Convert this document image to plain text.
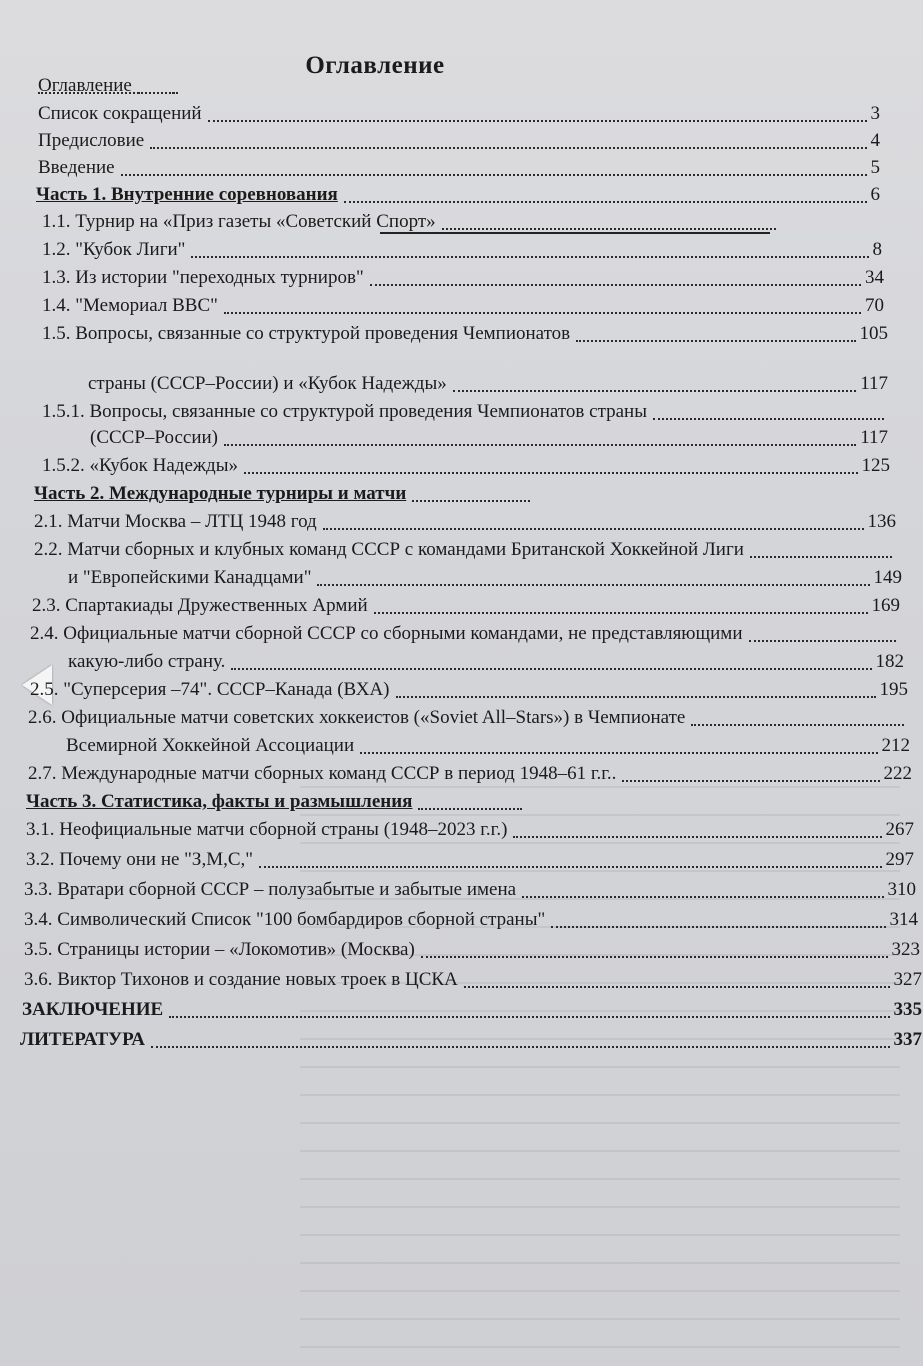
Оглавление
Оглавление
Список сокращений	3
Предисловие	4
Введение	5
Часть 1. Внутренние соревнования	6
1.1. Турнир на «Приз газеты «Советский Спорт»
1.2. "Кубок Лиги"	8
1.3. Из истории "переходных турниров"	34
1.4. "Мемориал ВВС"	70
1.5. Вопросы, связанные со структурой проведения Чемпионатов	105
страны (СССР–России) и «Кубок Надежды»	117
1.5.1. Вопросы, связанные со структурой проведения Чемпионатов страны
(СССР–России)	117
1.5.2. «Кубок Надежды»	125
Часть 2. Международные турниры и матчи
2.1. Матчи Москва – ЛТЦ 1948 год	136
2.2. Матчи сборных и клубных команд СССР с командами Британской Хоккейной Лиги
и "Европейскими Канадцами"	149
2.3. Спартакиады Дружественных Армий	169
2.4. Официальные матчи сборной СССР со сборными командами, не представляющими
какую-либо страну.	182
2.5. "Суперсерия –74". СССР–Канада (ВХА)	195
2.6. Официальные матчи советских хоккеистов («Soviet All–Stars») в Чемпионате
Всемирной Хоккейной Ассоциации	212
2.7. Международные матчи сборных команд СССР в период 1948–61 г.г..	222
Часть 3. Статистика, факты и размышления
3.1. Неофициальные матчи сборной страны (1948–2023 г.г.)	267
3.2. Почему они не "З,М,С,"	297
3.3. Вратари сборной СССР – полузабытые и забытые имена	310
3.4. Символический Список "100 бомбардиров сборной страны"	314
3.5. Страницы истории – «Локомотив» (Москва)	323
3.6. Виктор Тихонов и создание новых троек в ЦСКА	327
ЗАКЛЮЧЕНИЕ	335
ЛИТЕРАТУРА	337
